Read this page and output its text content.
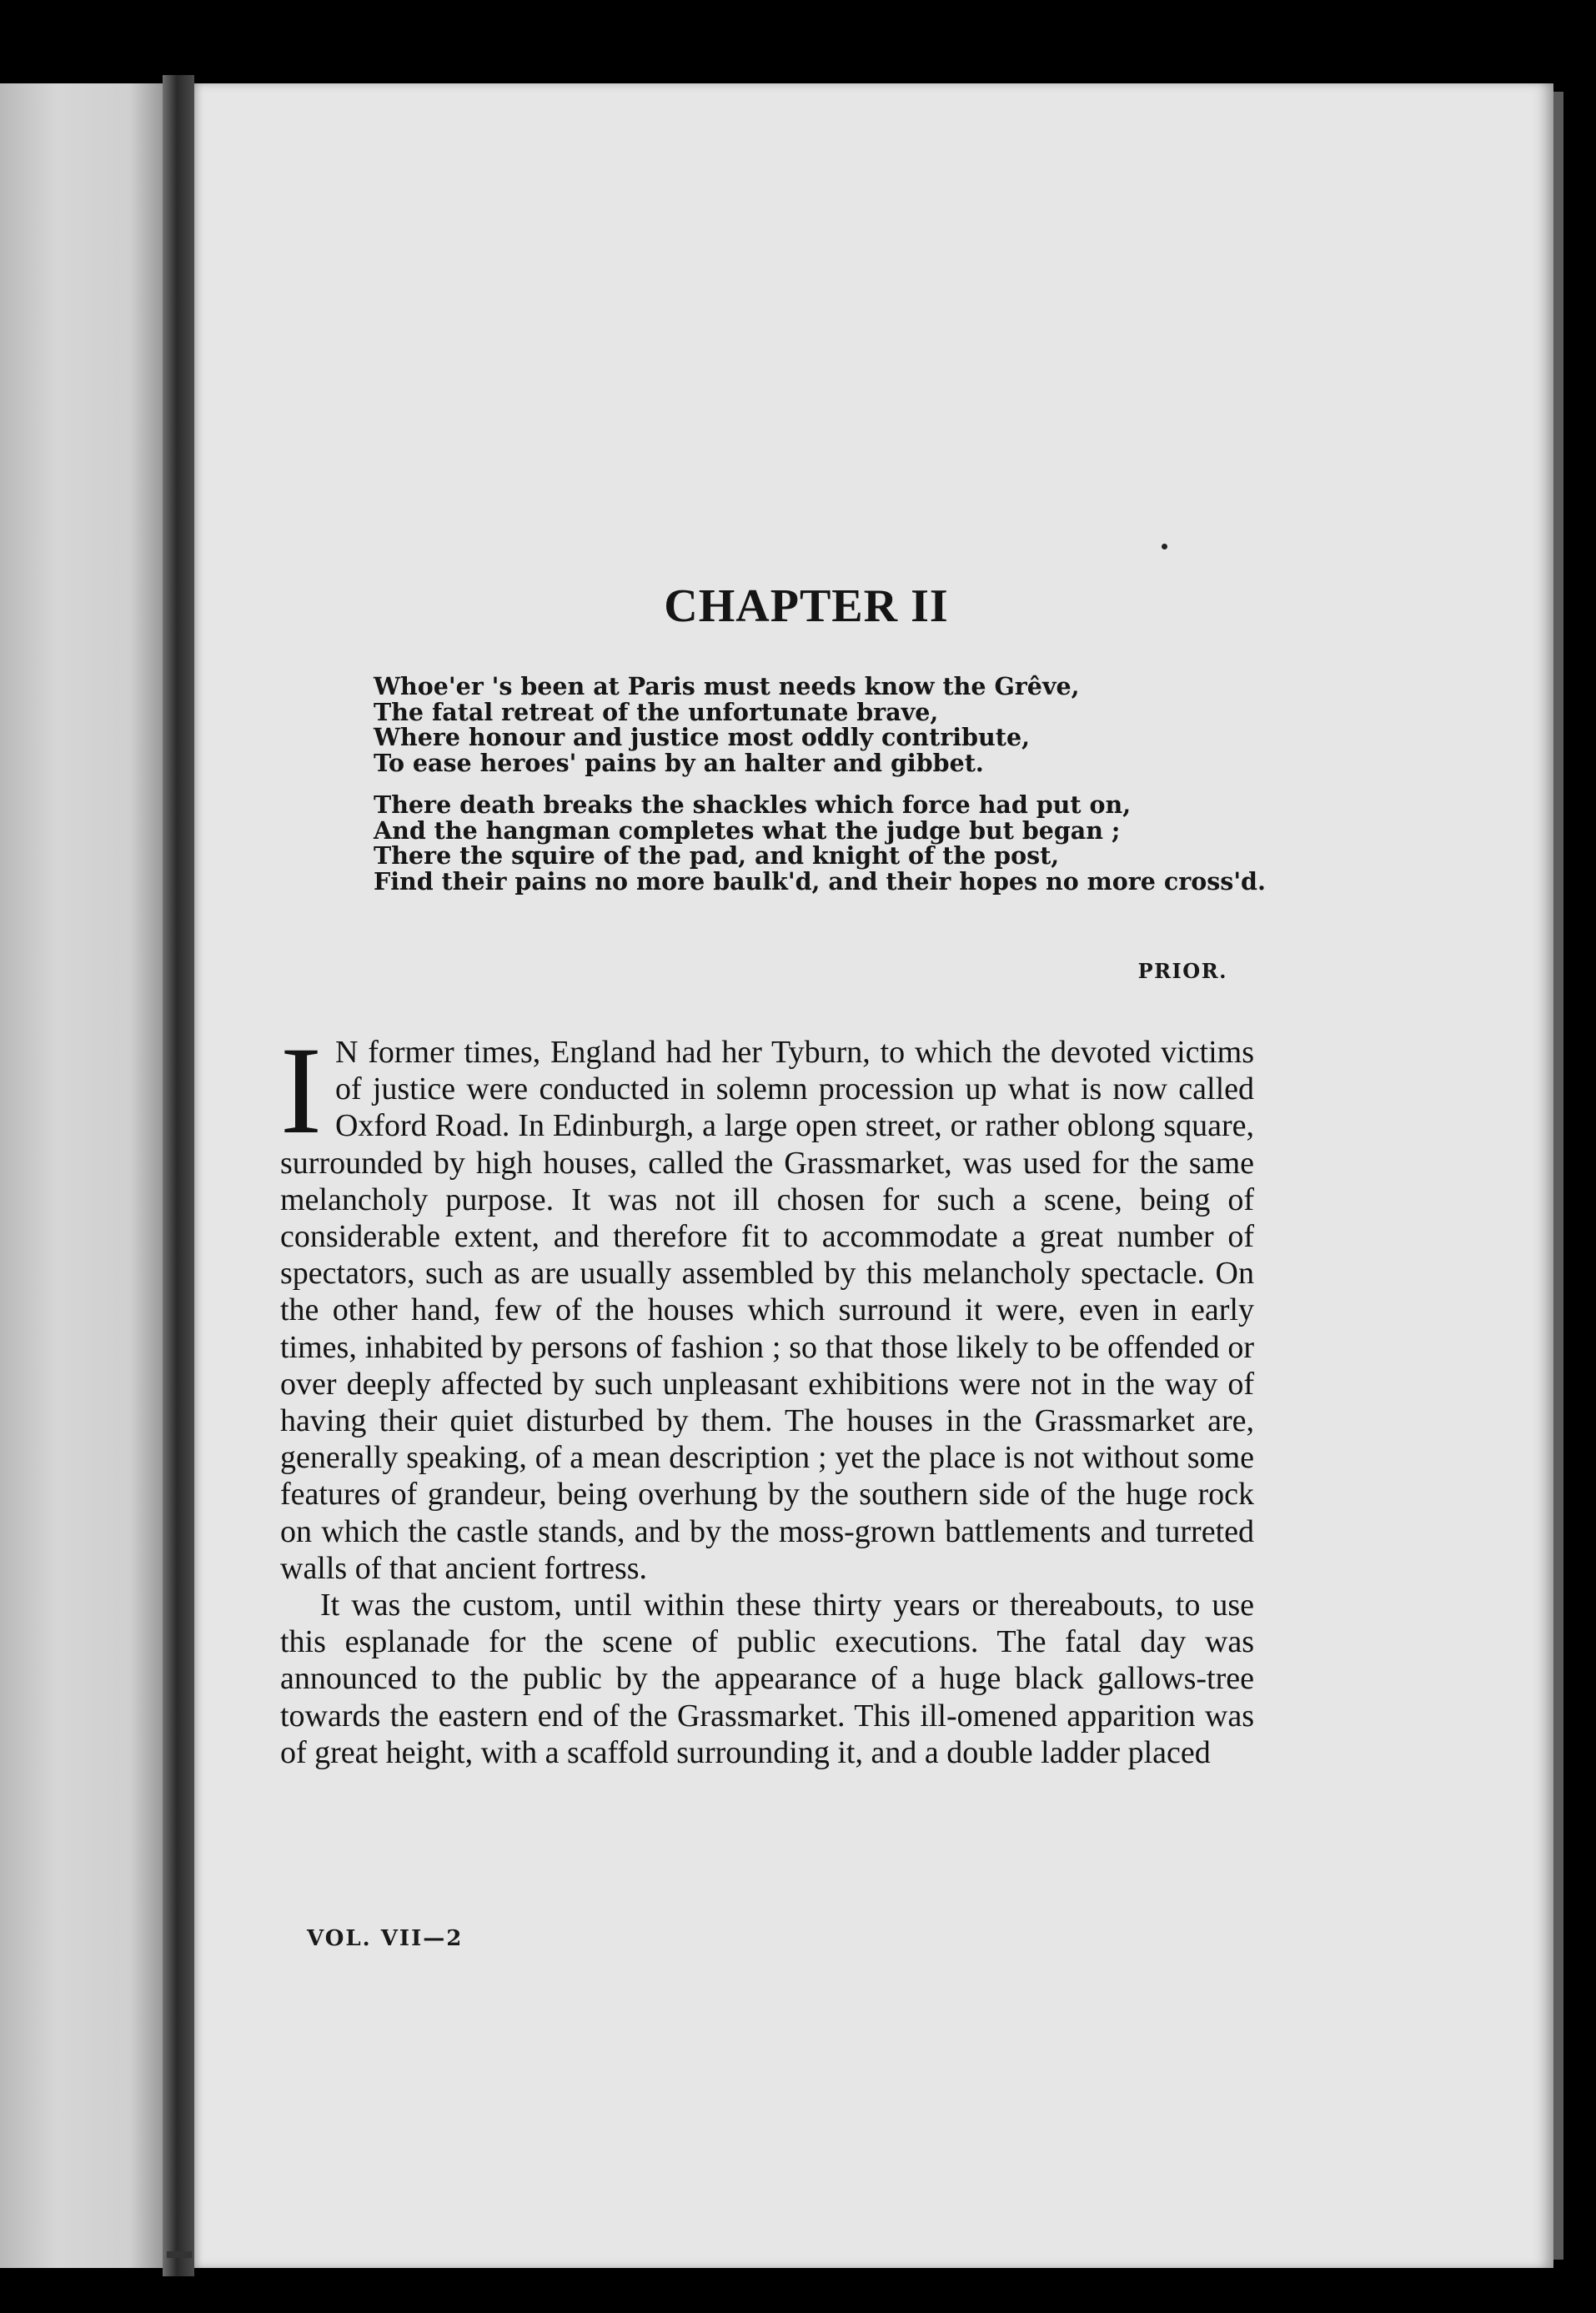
CHAPTER II
Whoe'er 's been at Paris must needs know the Grêve,
The fatal retreat of the unfortunate brave,
Where honour and justice most oddly contribute,
To ease heroes' pains by an halter and gibbet.
There death breaks the shackles which force had put on,
And the hangman completes what the judge but began ;
There the squire of the pad, and knight of the post,
Find their pains no more baulk'd, and their hopes no more cross'd.
PRIOR.

I N former times, England had her Tyburn, to which the devoted victims of justice were conducted in solemn procession up what is now called Oxford Road. In Edinburgh, a large open street, or rather oblong square, surrounded by high houses, called the Grassmarket, was used for the same melancholy purpose. It was not ill chosen for such a scene, being of considerable extent, and therefore fit to accommodate a great number of spectators, such as are usually assembled by this melancholy spectacle. On the other hand, few of the houses which surround it were, even in early times, inhabited by persons of fashion ; so that those likely to be offended or over deeply affected by such unpleasant exhibitions were not in the way of having their quiet disturbed by them. The houses in the Grassmarket are, generally speaking, of a mean description ; yet the place is not without some features of grandeur, being overhung by the southern side of the huge rock on which the castle stands, and by the moss-grown battlements and turreted walls of that ancient fortress.

It was the custom, until within these thirty years or thereabouts, to use this esplanade for the scene of public executions. The fatal day was announced to the public by the appearance of a huge black gallows-tree towards the eastern end of the Grassmarket. This ill-omened apparition was of great height, with a scaffold surrounding it, and a double ladder placed

VOL. VII—2
